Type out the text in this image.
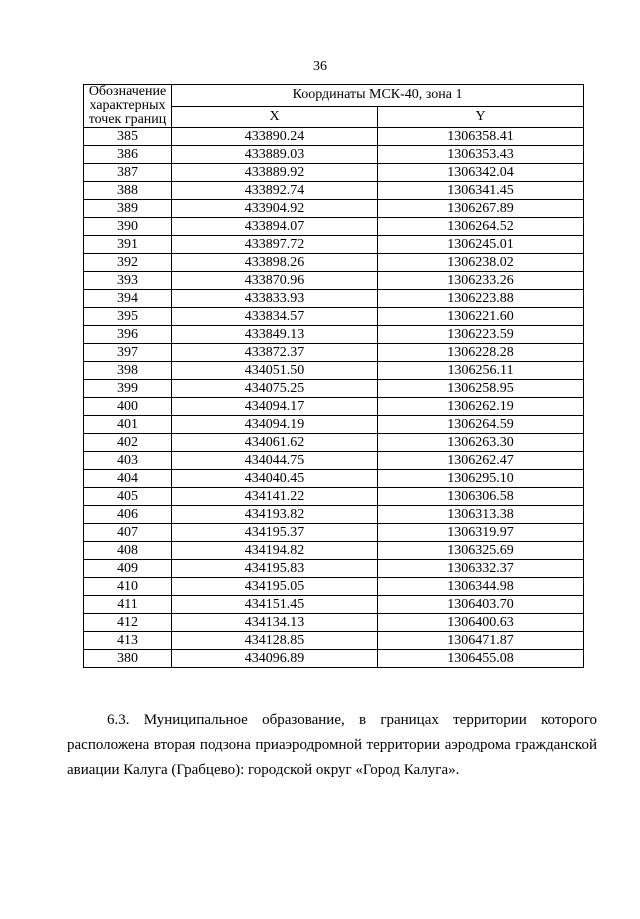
36
Обозначение характерных точек границ	Координаты МСК-40, зона 1	
	X	Y
385	433890.24	1306358.41
386	433889.03	1306353.43
387	433889.92	1306342.04
388	433892.74	1306341.45
389	433904.92	1306267.89
390	433894.07	1306264.52
391	433897.72	1306245.01
392	433898.26	1306238.02
393	433870.96	1306233.26
394	433833.93	1306223.88
395	433834.57	1306221.60
396	433849.13	1306223.59
397	433872.37	1306228.28
398	434051.50	1306256.11
399	434075.25	1306258.95
400	434094.17	1306262.19
401	434094.19	1306264.59
402	434061.62	1306263.30
403	434044.75	1306262.47
404	434040.45	1306295.10
405	434141.22	1306306.58
406	434193.82	1306313.38
407	434195.37	1306319.97
408	434194.82	1306325.69
409	434195.83	1306332.37
410	434195.05	1306344.98
411	434151.45	1306403.70
412	434134.13	1306400.63
413	434128.85	1306471.87
380	434096.89	1306455.08
6.3. Муниципальное образование, в границах территории которого
расположена вторая подзона приаэродромной территории аэродрома гражданской
авиации Калуга (Грабцево): городской округ «Город Калуга».
